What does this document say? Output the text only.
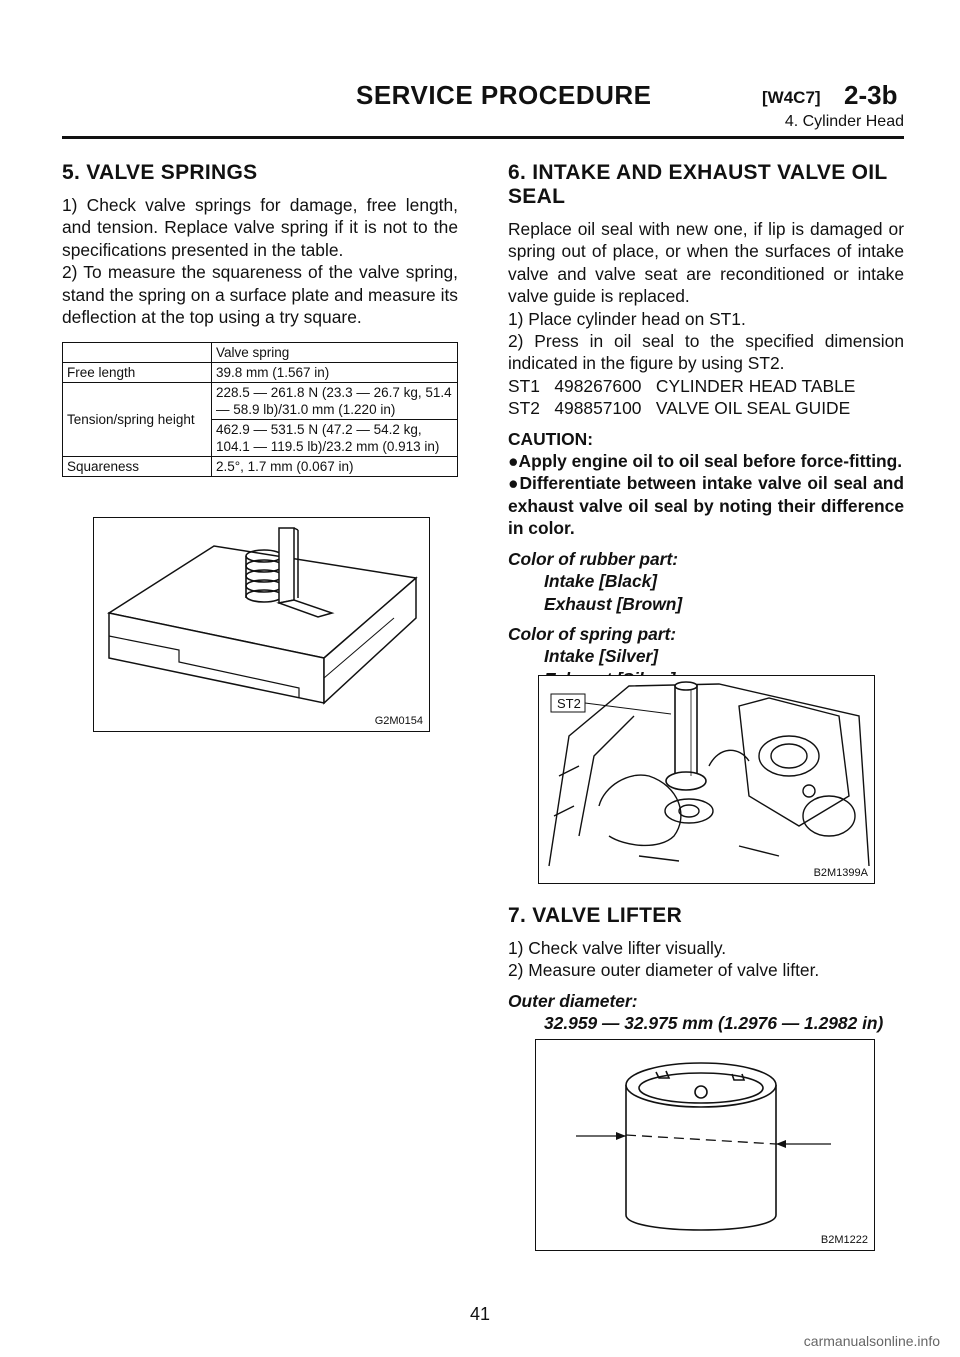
SERVICE PROCEDURE	[W4C7] 2-3b
4. Cylinder Head
5. VALVE SPRINGS

1) Check valve springs for damage, free length, and tension. Replace valve spring if it is not to the specifications presented in the table.

2) To measure the squareness of the valve spring, stand the spring on a surface plate and measure its deflection at the top using a try square.

	Valve spring
Free length	39.8 mm (1.567 in)
Tension/spring height	228.5 — 261.8 N (23.3 — 26.7 kg, 51.4 — 58.9 lb)/31.0 mm (1.220 in)
	462.9 — 531.5 N (47.2 — 54.2 kg, 104.1 — 119.5 lb)/23.2 mm (0.913 in)
Squareness	2.5°, 1.7 mm (0.067 in)
G2M0154
6. INTAKE AND EXHAUST VALVE OIL
SEAL

Replace oil seal with new one, if lip is damaged or spring out of place, or when the surfaces of intake valve and valve seat are reconditioned or intake valve guide is replaced.

1) Place cylinder head on ST1.

2) Press in oil seal to the specified dimension indicated in the figure by using ST2.

ST1   498267600   CYLINDER HEAD TABLE

ST2   498857100   VALVE OIL SEAL GUIDE

CAUTION:

●Apply engine oil to oil seal before force-fitting.

●Differentiate between intake valve oil seal and exhaust valve oil seal by noting their difference in color.

Color of rubber part:

Intake [Black]

Exhaust [Brown]

Color of spring part:

Intake [Silver]

ST2
B2M1399A
7. VALVE LIFTER

1) Check valve lifter visually.

2) Measure outer diameter of valve lifter.

Outer diameter:

32.959 — 32.975 mm (1.2976 — 1.2982 in)

B2M1222
41
carmanualsonline.info
